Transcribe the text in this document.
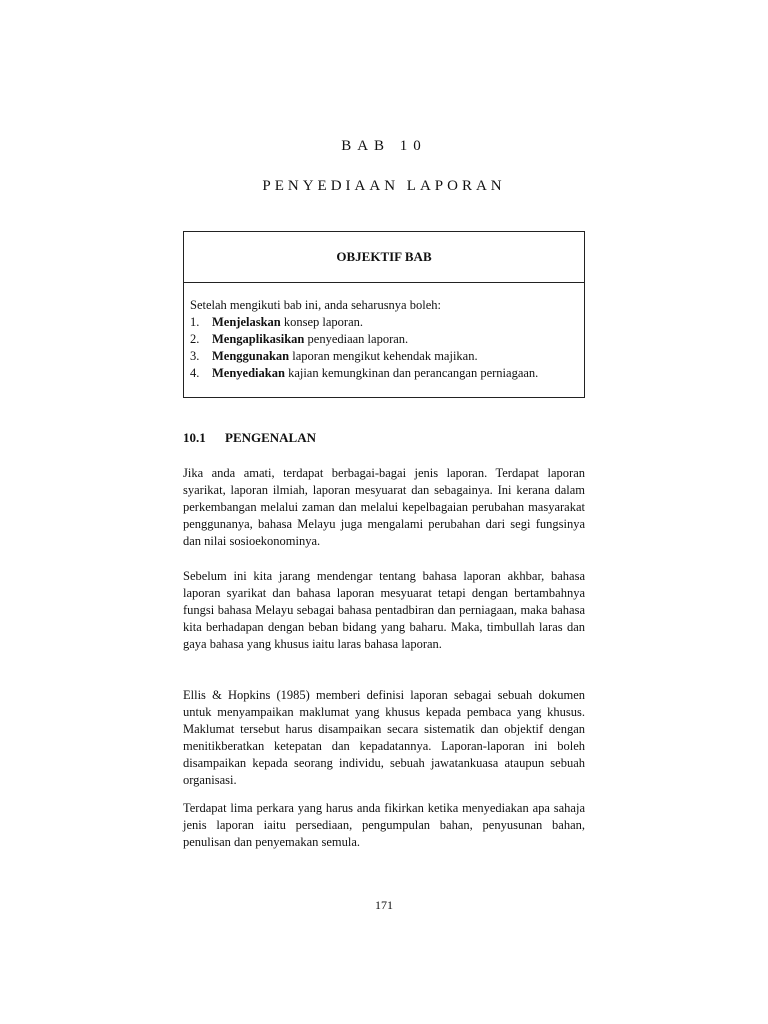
BAB 10
PENYEDIAAN LAPORAN
OBJEKTIF BAB
Setelah mengikuti bab ini, anda seharusnya boleh:
1.	Menjelaskan konsep laporan.
2.	Mengaplikasikan penyediaan laporan.
3.	Menggunakan laporan mengikut kehendak majikan.
4.	Menyediakan kajian kemungkinan dan perancangan perniagaan.
10.1 PENGENALAN
Jika anda amati, terdapat berbagai-bagai jenis laporan. Terdapat laporan syarikat, laporan ilmiah, laporan mesyuarat dan sebagainya. Ini kerana dalam perkembangan melalui zaman dan melalui kepelbagaian perubahan masyarakat penggunanya, bahasa Melayu juga mengalami perubahan dari segi fungsinya dan nilai sosioekonominya.
Sebelum ini kita jarang mendengar tentang bahasa laporan akhbar, bahasa laporan syarikat dan bahasa laporan mesyuarat tetapi dengan bertambahnya fungsi bahasa Melayu sebagai bahasa pentadbiran dan perniagaan, maka bahasa kita berhadapan dengan beban bidang yang baharu. Maka, timbullah laras dan gaya bahasa yang khusus iaitu laras bahasa laporan.
Ellis & Hopkins (1985) memberi definisi laporan sebagai sebuah dokumen untuk menyampaikan maklumat yang khusus kepada pembaca yang khusus. Maklumat tersebut harus disampaikan secara sistematik dan objektif dengan menitikberatkan ketepatan dan kepadatannya. Laporan-laporan ini boleh disampaikan kepada seorang individu, sebuah jawatankuasa ataupun sebuah organisasi.
Terdapat lima perkara yang harus anda fikirkan ketika menyediakan apa sahaja jenis laporan iaitu persediaan, pengumpulan bahan, penyusunan bahan, penulisan dan penyemakan semula.
171
